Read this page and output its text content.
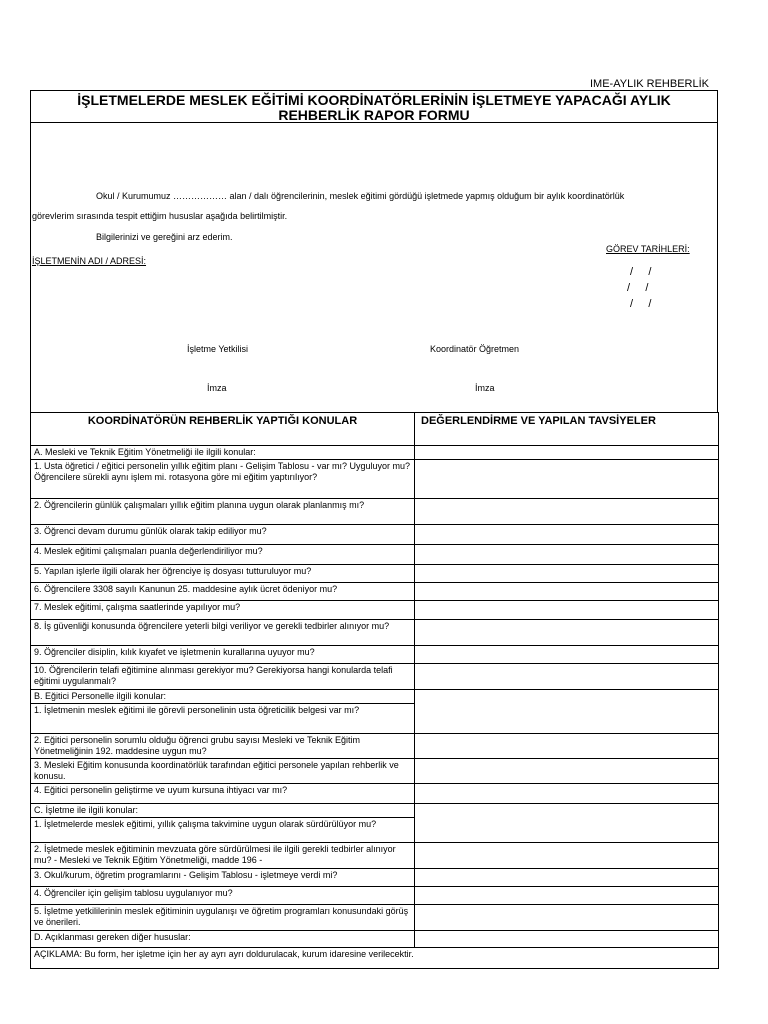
IME-AYLIK REHBERLİK
İŞLETMELERDE MESLEK EĞİTİMİ KOORDİNATÖRLERİNİN İŞLETMEYE YAPACAĞI AYLIK
REHBERLİK RAPOR FORMU
Okul / Kurumumuz ……………… alan / dalı öğrencilerinin, meslek eğitimi gördüğü işletmede yapmış olduğum bir aylık koordinatörlük
görevlerim sırasında tespit ettiğim hususlar aşağıda belirtilmiştir.
Bilgilerinizi ve gereğini arz ederim.
GÖREV TARİHLERİ:
İŞLETMENİN ADI / ADRESİ:
/     /
/     /
/     /
İşletme Yetkilisi	Koordinatör Öğretmen
İmza	İmza
KOORDİNATÖRÜN REHBERLİK YAPTIĞI KONULAR	DEĞERLENDİRME VE YAPILAN TAVSİYELER
A. Mesleki ve Teknik Eğitim Yönetmeliği ile ilgili konular:	
1. Usta öğretici / eğitici personelin yıllık eğitim planı - Gelişim Tablosu - var mı? Uyguluyor mu? Öğrencilere sürekli aynı işlem mi. rotasyona göre mi eğitim yaptırılıyor?	
2. Öğrencilerin günlük çalışmaları yıllık eğitim planına uygun olarak planlanmış mı?	
3. Öğrenci devam durumu günlük olarak takip ediliyor mu?	
4. Meslek eğitimi çalışmaları puanla değerlendiriliyor mu?	
5. Yapılan işlerle ilgili olarak her öğrenciye iş dosyası tutturuluyor mu?	
6. Öğrencilere 3308 sayılı Kanunun 25. maddesine aylık ücret ödeniyor mu?	
7. Meslek eğitimi, çalışma saatlerinde yapılıyor mu?	
8. İş güvenliği konusunda öğrencilere yeterli bilgi veriliyor ve gerekli tedbirler alınıyor mu?	
9. Öğrenciler disiplin, kılık kıyafet ve işletmenin kurallarına uyuyor mu?	
10. Öğrencilerin telafi eğitimine alınması gerekiyor mu? Gerekiyorsa hangi konularda telafi eğitimi uygulanmalı?	
B. Eğitici Personelle ilgili konular:	
1. İşletmenin meslek eğitimi ile görevli personelinin usta öğreticilik belgesi var mı?	
2. Eğitici personelin sorumlu olduğu öğrenci grubu sayısı Mesleki ve Teknik Eğitim Yönetmeliğinin 192. maddesine uygun mu?	
3. Mesleki Eğitim konusunda koordinatörlük tarafından eğitici personele yapılan rehberlik ve konusu.	
4. Eğitici personelin geliştirme ve uyum kursuna ihtiyacı var mı?	
C. İşletme ile ilgili konular:	
1. İşletmelerde meslek eğitimi, yıllık çalışma takvimine uygun olarak sürdürülüyor mu?	
2. İşletmede meslek eğitiminin mevzuata göre sürdürülmesi ile ilgili gerekli tedbirler alınıyor mu? - Mesleki ve Teknik Eğitim Yönetmeliği, madde 196 -	
3. Okul/kurum, öğretim programlarını - Gelişim Tablosu - işletmeye verdi mi?	
4. Öğrenciler için gelişim tablosu uygulanıyor mu?	
5. İşletme yetkililerinin meslek eğitiminin uygulanışı ve öğretim programları konusundaki görüş ve önerileri.	
D. Açıklanması gereken diğer hususlar:	
AÇIKLAMA: Bu form, her işletme için her ay ayrı ayrı doldurulacak, kurum idaresine verilecektir.	
